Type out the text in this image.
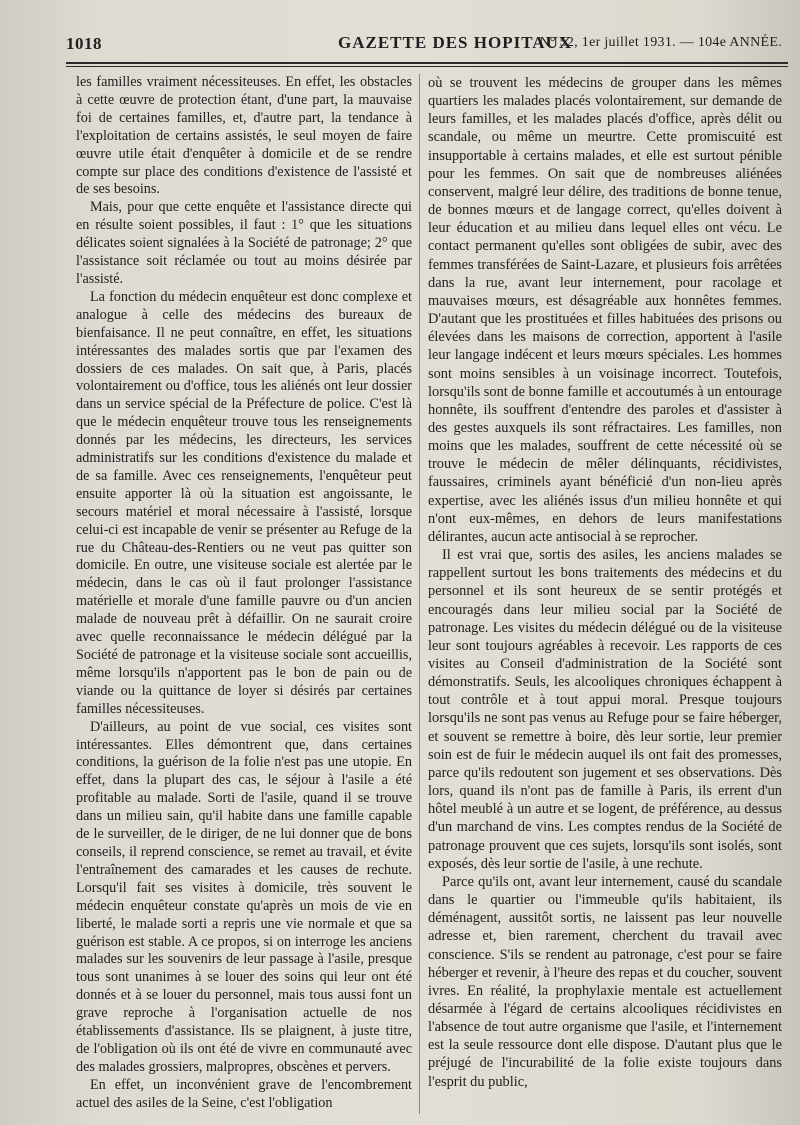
1018	GAZETTE DES HOPITAUX
N° 52, 1er juillet 1931. — 104e ANNÉE.

les familles vraiment nécessiteuses. En effet, les obstacles à cette œuvre de protection étant, d'une part, la mauvaise foi de certaines familles, et, d'autre part, la tendance à l'exploitation de certains assistés, le seul moyen de faire œuvre utile était d'enquêter à domicile et de se rendre compte sur place des conditions d'existence de l'assisté et de ses besoins.

Mais, pour que cette enquête et l'assistance directe qui en résulte soient possibles, il faut : 1° que les situations délicates soient signalées à la Société de patronage; 2° que l'assistance soit réclamée ou tout au moins désirée par l'assisté.

La fonction du médecin enquêteur est donc complexe et analogue à celle des médecins des bureaux de bienfaisance. Il ne peut connaître, en effet, les situations intéressantes des malades sortis que par l'examen des dossiers de ces malades. On sait que, à Paris, placés volontairement ou d'office, tous les aliénés ont leur dossier dans un service spécial de la Préfecture de police. C'est là que le médecin enquêteur trouve tous les renseignements donnés par les médecins, les directeurs, les services administratifs sur les conditions d'existence du malade et de sa famille. Avec ces renseignements, l'enquêteur peut ensuite apporter là où la situation est angoissante, le secours matériel et moral nécessaire à l'assisté, lorsque celui-ci est incapable de venir se présenter au Refuge de la rue du Château-des-Rentiers ou ne veut pas quitter son domicile. En outre, une visiteuse sociale est alertée par le médecin, dans le cas où il faut prolonger l'assistance matérielle et morale d'une famille pauvre ou d'un ancien malade de nouveau prêt à défaillir. On ne saurait croire avec quelle reconnaissance le médecin délégué par la Société de patronage et la visiteuse sociale sont accueillis, même lorsqu'ils n'apportent pas le bon de pain ou de viande ou la quittance de loyer si désirés par certaines familles nécessiteuses.

D'ailleurs, au point de vue social, ces visites sont intéressantes. Elles démontrent que, dans certaines conditions, la guérison de la folie n'est pas une utopie. En effet, dans la plupart des cas, le séjour à l'asile a été profitable au malade. Sorti de l'asile, quand il se trouve dans un milieu sain, qu'il habite dans une famille capable de le surveiller, de le diriger, de ne lui donner que de bons conseils, il reprend conscience, se remet au travail, et évite l'entraînement des camarades et les causes de rechute. Lorsqu'il fait ses visites à domicile, très souvent le médecin enquêteur constate qu'après un mois de vie en liberté, le malade sorti a repris une vie normale et que sa guérison est stable. A ce propos, si on interroge les anciens malades sur les souvenirs de leur passage à l'asile, presque tous sont unanimes à se louer des soins qui leur ont été donnés et à se louer du personnel, mais tous aussi font un grave reproche à l'organisation actuelle de nos établissements d'assistance. Ils se plaignent, à juste titre, de l'obligation où ils ont été de vivre en communauté avec des malades grossiers, malpropres, obscènes et pervers.

En effet, un inconvénient grave de l'encombrement actuel des asiles de la Seine, c'est l'obligation

où se trouvent les médecins de grouper dans les mêmes quartiers les malades placés volontairement, sur demande de leurs familles, et les malades placés d'office, après délit ou scandale, ou même un meurtre. Cette promiscuité est insupportable à certains malades, et elle est surtout pénible pour les femmes. On sait que de nombreuses aliénées conservent, malgré leur délire, des traditions de bonne tenue, de bonnes mœurs et de langage correct, qu'elles doivent à leur éducation et au milieu dans lequel elles ont vécu. Le contact permanent qu'elles sont obligées de subir, avec des femmes transférées de Saint-Lazare, et plusieurs fois arrêtées dans la rue, avant leur internement, pour racolage et mauvaises mœurs, est désagréable aux honnêtes femmes. D'autant que les prostituées et filles habituées des prisons ou élevées dans les maisons de correction, apportent à l'asile leur langage indécent et leurs mœurs spéciales. Les hommes sont moins sensibles à un voisinage incorrect. Toutefois, lorsqu'ils sont de bonne famille et accoutumés à un entourage honnête, ils souffrent d'entendre des paroles et d'assister à des gestes auxquels ils sont réfractaires. Les familles, non moins que les malades, souffrent de cette nécessité où se trouve le médecin de mêler délinquants, récidivistes, faussaires, criminels ayant bénéficié d'un non-lieu après expertise, avec les aliénés issus d'un milieu honnête et qui n'ont eux-mêmes, en dehors de leurs manifestations délirantes, aucun acte antisocial à se reprocher.

Il est vrai que, sortis des asiles, les anciens malades se rappellent surtout les bons traitements des médecins et du personnel et ils sont heureux de se sentir protégés et encouragés dans leur milieu social par la Société de patronage. Les visites du médecin délégué ou de la visiteuse leur sont toujours agréables à recevoir. Les rapports de ces visites au Conseil d'administration de la Société sont démonstratifs. Seuls, les alcooliques chroniques échappent à tout contrôle et à tout appui moral. Presque toujours lorsqu'ils ne sont pas venus au Refuge pour se faire héberger, et souvent se remettre à boire, dès leur sortie, leur premier soin est de fuir le médecin auquel ils ont fait des promesses, parce qu'ils redoutent son jugement et ses observations. Dès lors, quand ils n'ont pas de famille à Paris, ils errent d'un hôtel meublé à un autre et se logent, de préférence, au dessus d'un marchand de vins. Les comptes rendus de la Société de patronage prouvent que ces sujets, lorsqu'ils sont isolés, sont exposés, dès leur sortie de l'asile, à une rechute.

Parce qu'ils ont, avant leur internement, causé du scandale dans le quartier ou l'immeuble qu'ils habitaient, ils déménagent, aussitôt sortis, ne laissent pas leur nouvelle adresse et, bien rarement, cherchent du travail avec conscience. S'ils se rendent au patronage, c'est pour se faire héberger et revenir, à l'heure des repas et du coucher, souvent ivres. En réalité, la prophylaxie mentale est actuellement désarmée à l'égard de certains alcooliques récidivistes en l'absence de tout autre organisme que l'asile, et l'internement est la seule ressource dont elle dispose. D'autant plus que le préjugé de l'incurabilité de la folie existe toujours dans l'esprit du public,
